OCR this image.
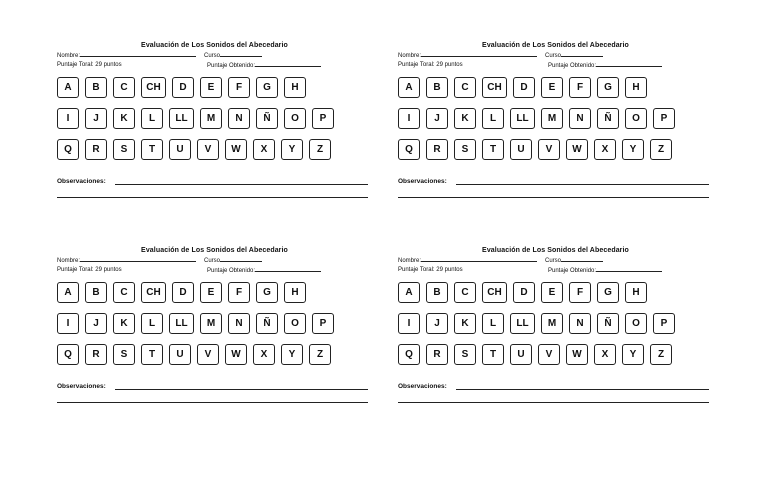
Evaluación de Los Sonidos del Abecedario
Nombre:	Curso
Puntaje Toral: 29 puntos	Puntaje Obtenido:
A	B	C	CH	D	E	F	G	H
I	J	K	L	LL	M	N	Ñ	O	P
Q	R	S	T	U	V	W	X	Y	Z
Observaciones:
Evaluación de Los Sonidos del Abecedario
Nombre:	Curso
Puntaje Toral: 29 puntos	Puntaje Obtenido:
A	B	C	CH	D	E	F	G	H
I	J	K	L	LL	M	N	Ñ	O	P
Q	R	S	T	U	V	W	X	Y	Z
Observaciones:
Evaluación de Los Sonidos del Abecedario
Nombre:	Curso
Puntaje Toral: 29 puntos	Puntaje Obtenido:
A	B	C	CH	D	E	F	G	H
I	J	K	L	LL	M	N	Ñ	O	P
Q	R	S	T	U	V	W	X	Y	Z
Observaciones:
Evaluación de Los Sonidos del Abecedario
Nombre:	Curso
Puntaje Toral: 29 puntos	Puntaje Obtenido:
A	B	C	CH	D	E	F	G	H
I	J	K	L	LL	M	N	Ñ	O	P
Q	R	S	T	U	V	W	X	Y	Z
Observaciones:
